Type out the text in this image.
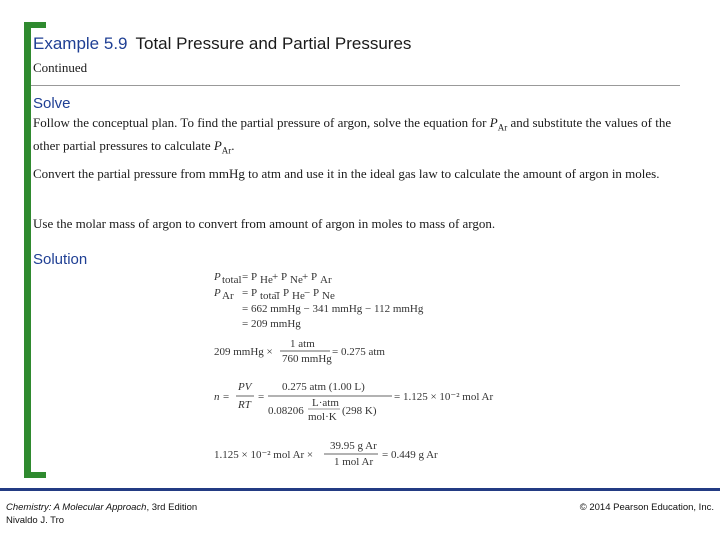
Example 5.9 Total Pressure and Partial Pressures
Continued
Solve
Follow the conceptual plan. To find the partial pressure of argon, solve the equation for $P_{Ar}$ and substitute the values of the other partial pressures to calculate $P_{Ar}$.
Convert the partial pressure from mmHg to atm and use it in the ideal gas law to calculate the amount of argon in moles.
Use the molar mass of argon to convert from amount of argon in moles to mass of argon.
Solution
P total = P He + P Ne + P Ar
P Ar = P total
− P He − P Ne
= 662 mmHg − 341 mmHg − 112 mmHg
= 209 mmHg
209 mmHg ×
1 atm
760 mmHg
= 0.275 atm
n =
PV
RT
=
0.275 atm (1.00 L)
0.08206
L·atm
mol·K (298 K)
= 1.125 × 10⁻² mol Ar
1.125 × 10⁻² mol Ar ×
39.95 g Ar
1 mol Ar
= 0.449 g Ar
Chemistry: A Molecular Approach, 3rd Edition
Nivaldo J. Tro
© 2014 Pearson Education, Inc.
